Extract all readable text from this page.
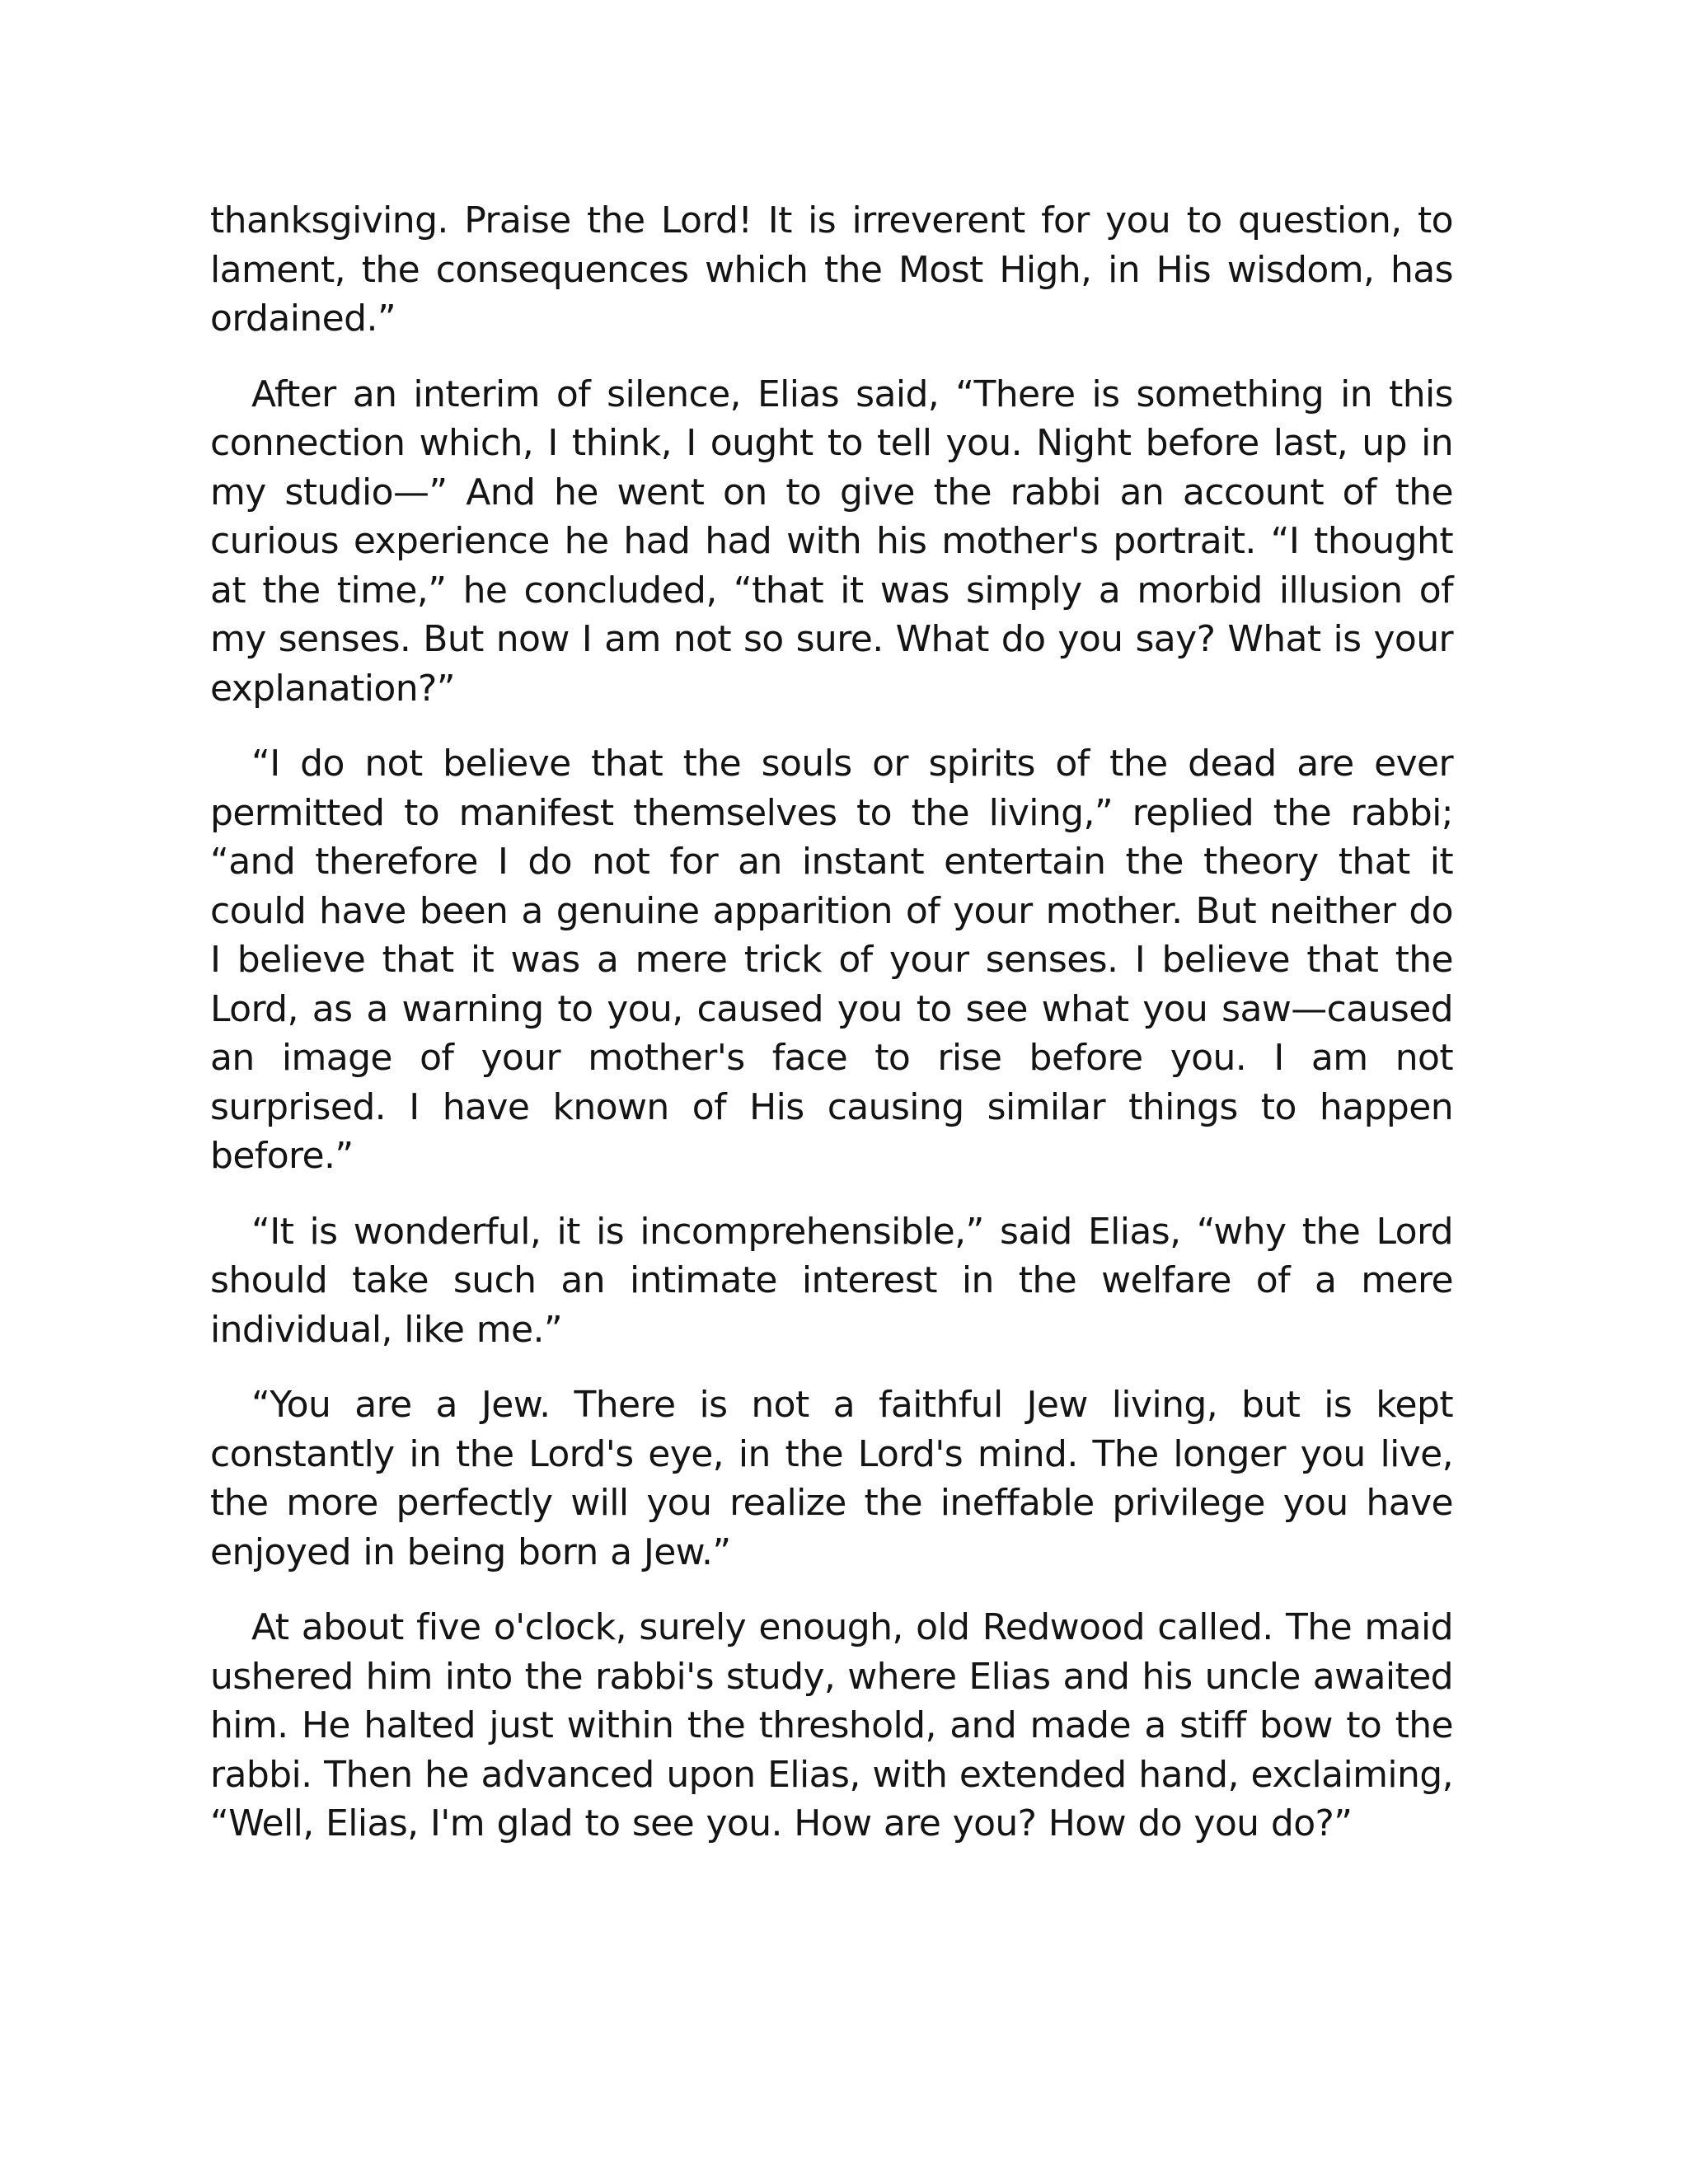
thanksgiving. Praise the Lord! It is irreverent for you to question, to lament, the consequences which the Most High, in His wisdom, has ordained.”

After an interim of silence, Elias said, “There is something in this connection which, I think, I ought to tell you. Night before last, up in my studio—” And he went on to give the rabbi an account of the curious experience he had had with his mother's portrait. “I thought at the time,” he concluded, “that it was simply a morbid illusion of my senses. But now I am not so sure. What do you say? What is your explanation?”

“I do not believe that the souls or spirits of the dead are ever permitted to manifest themselves to the living,” replied the rabbi; “and therefore I do not for an instant entertain the theory that it could have been a genuine apparition of your mother. But neither do I believe that it was a mere trick of your senses. I believe that the Lord, as a warning to you, caused you to see what you saw—caused an image of your mother's face to rise before you. I am not surprised. I have known of His causing similar things to happen before.”

“It is wonderful, it is incomprehensible,” said Elias, “why the Lord should take such an intimate interest in the welfare of a mere individual, like me.”

“You are a Jew. There is not a faithful Jew living, but is kept constantly in the Lord's eye, in the Lord's mind. The longer you live, the more perfectly will you realize the ineffable privilege you have enjoyed in being born a Jew.”

At about five o'clock, surely enough, old Redwood called. The maid ushered him into the rabbi's study, where Elias and his uncle awaited him. He halted just within the threshold, and made a stiff bow to the rabbi. Then he advanced upon Elias, with extended hand, exclaiming, “Well, Elias, I'm glad to see you. How are you? How do you do?”
